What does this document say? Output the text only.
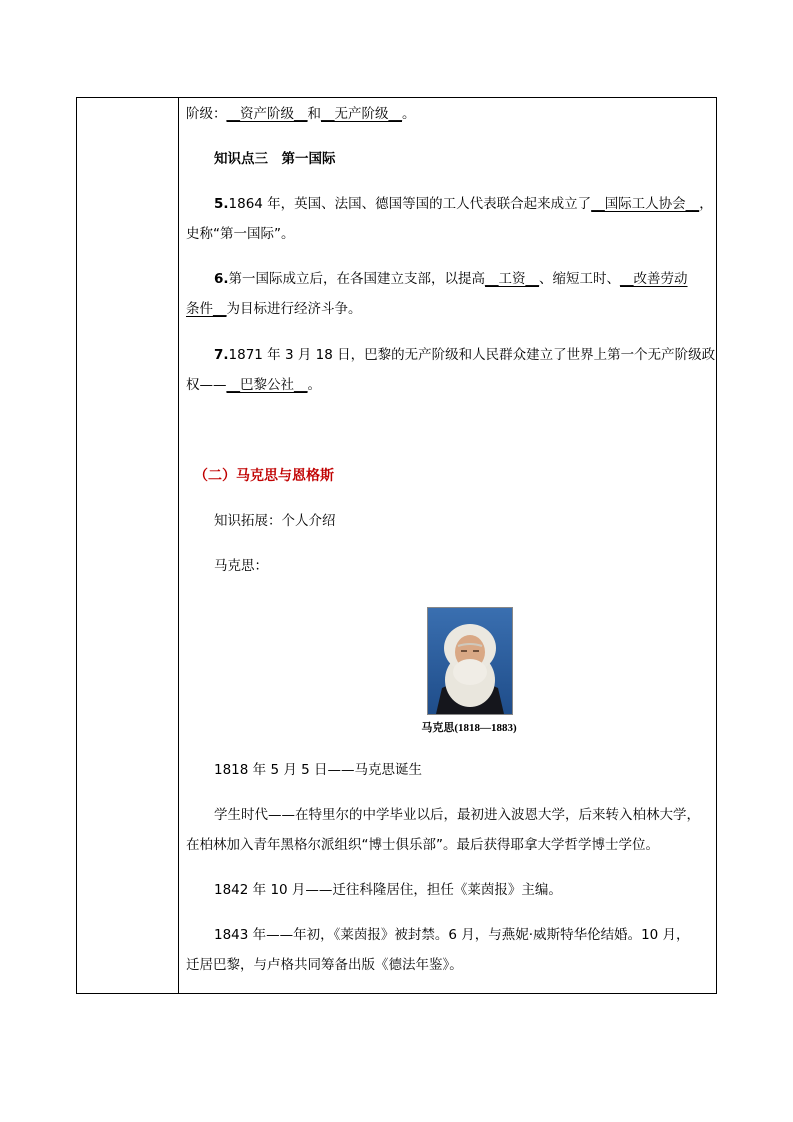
阶级：__资产阶级__和__无产阶级__。

知识点三　第一国际

5.1864 年，英国、法国、德国等国的工人代表联合起来成立了__国际工人协会__，

史称“第一国际”。

6.第一国际成立后，在各国建立支部，以提高__工资__、缩短工时、__改善劳动

条件__为目标进行经济斗争。

7.1871 年 3 月 18 日，巴黎的无产阶级和人民群众建立了世界上第一个无产阶级政

权——__巴黎公社__。

（二）马克思与恩格斯

知识拓展：个人介绍

马克思：

马克思(1818—1883)

1818 年 5 月 5 日——马克思诞生

学生时代——在特里尔的中学毕业以后，最初进入波恩大学，后来转入柏林大学，

在柏林加入青年黑格尔派组织“博士俱乐部”。最后获得耶拿大学哲学博士学位。

1842 年 10 月——迁往科隆居住，担任《莱茵报》主编。

1843 年——年初，《莱茵报》被封禁。6 月，与燕妮·威斯特华伦结婚。10 月，

迁居巴黎，与卢格共同筹备出版《德法年鉴》。
